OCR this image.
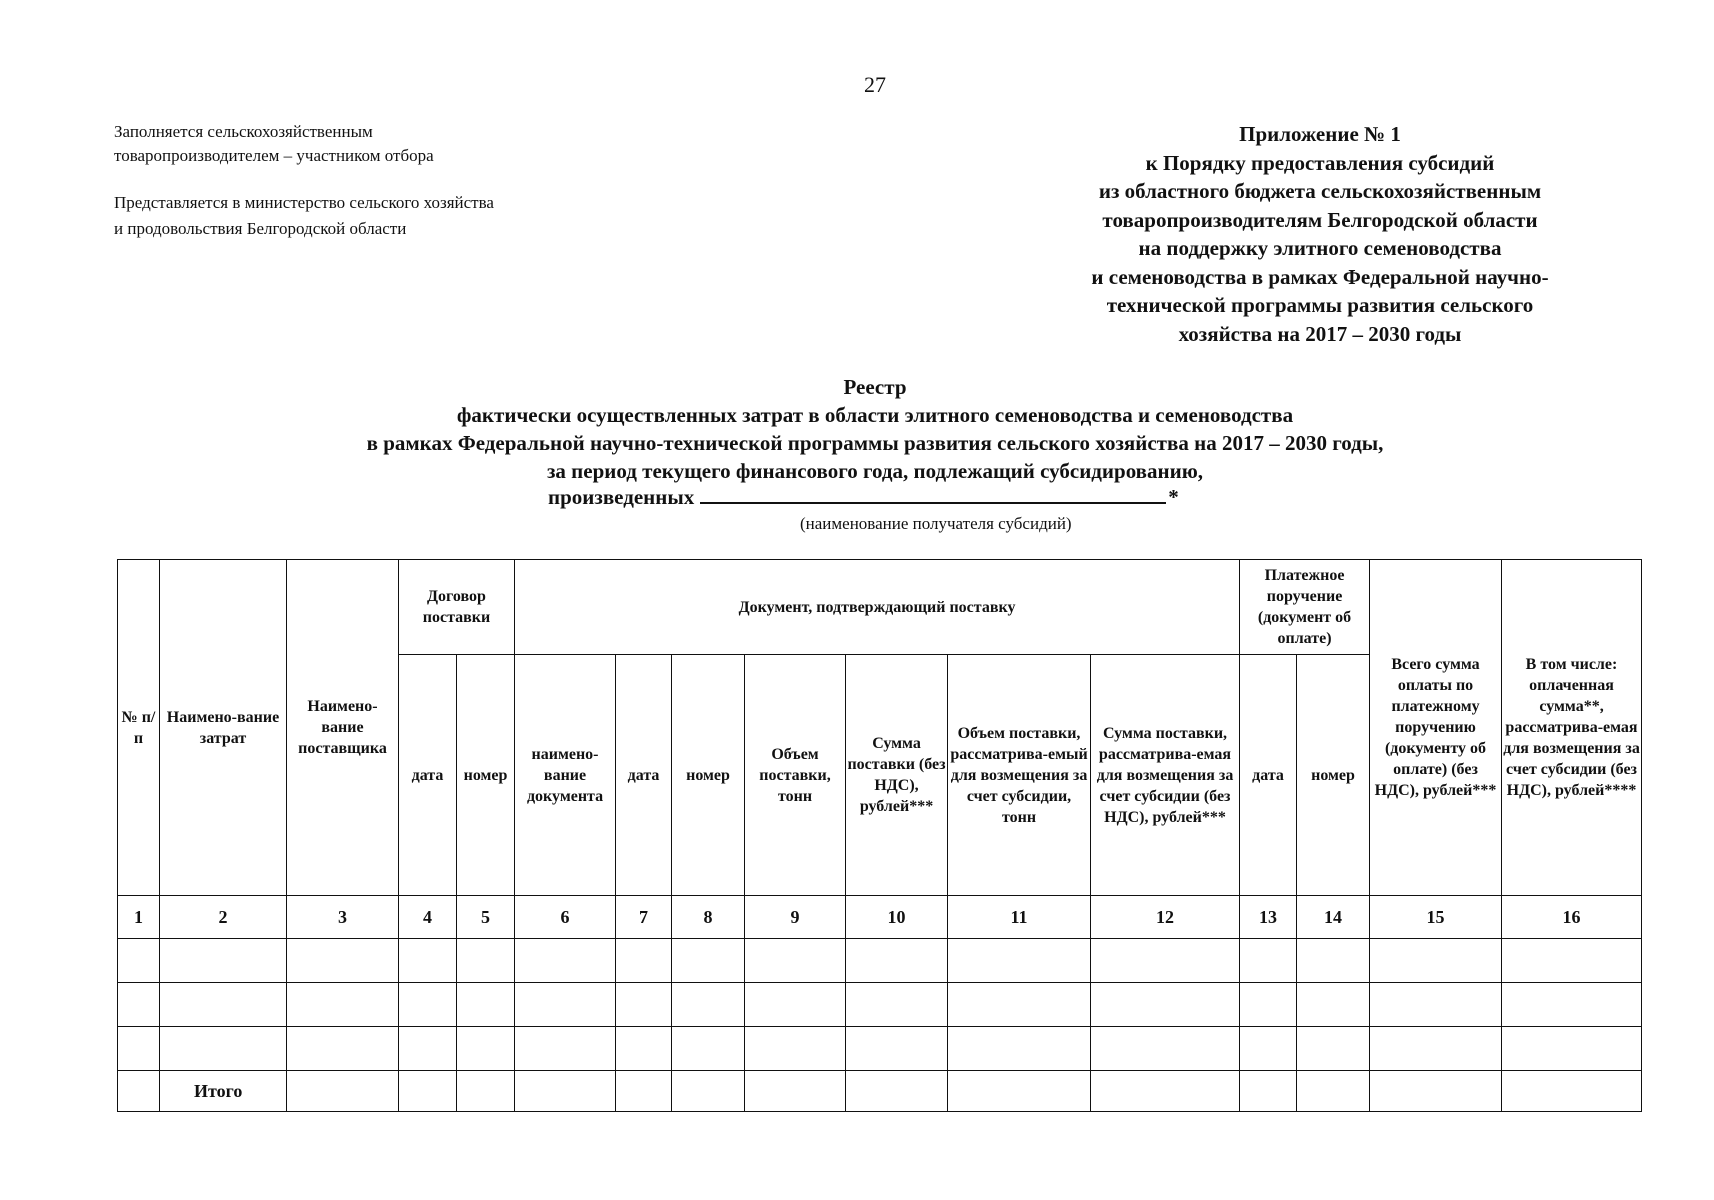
27
Заполняется сельскохозяйственным
товаропроизводителем – участником отбора
Представляется в министерство сельского хозяйства
и продовольствия Белгородской области
Приложение № 1
к Порядку предоставления субсидий
из областного бюджета сельскохозяйственным
товаропроизводителям Белгородской области
на поддержку элитного семеноводства
и семеноводства в рамках Федеральной научно-
технической программы развития сельского
хозяйства на 2017 – 2030 годы
Реестр
фактически осуществленных затрат в области элитного семеноводства и семеноводства
в рамках Федеральной научно-технической программы развития сельского хозяйства на 2017 – 2030 годы,
за период текущего финансового года, подлежащий субсидированию,
произведенных	*
(наименование получателя субсидий)
№ п/п	Наимено-вание затрат	Наимено-вание поставщика	Договор поставки		Документ, подтверждающий поставку							Платежное поручение (документ об оплате)		Всего сумма оплаты по платежному поручению (документу об оплате) (без НДС), рублей***	В том числе: оплаченная сумма**, рассматрива-емая для возмещения за счет субсидии (без НДС), рублей****
			дата	номер	наимено-вание документа	дата	номер	Объем поставки, тонн	Сумма поставки (без НДС), рублей***	Объем поставки, рассматрива-емый для возмещения за счет субсидии, тонн	Сумма поставки, рассматрива-емая для возмещения за счет субсидии (без НДС), рублей***	дата	номер		
1	2	3	4	5	6	7	8	9	10	11	12	13	14	15	16

	Итого														
